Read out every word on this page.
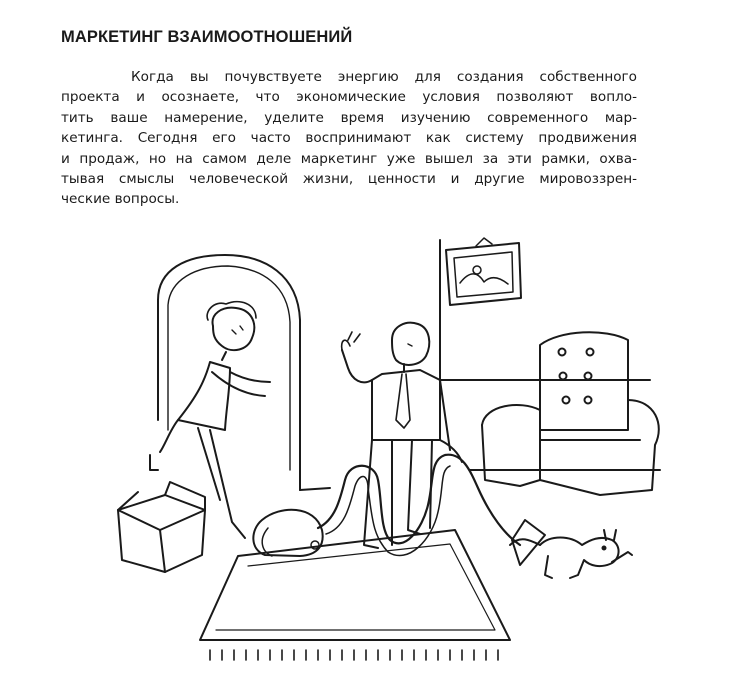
МАРКЕТИНГ ВЗАИМООТНОШЕНИЙ
Когда вы почувствуете энергию для создания собственного
проекта и осознаете, что экономические условия позволяют вопло-
тить ваше намерение, уделите время изучению современного мар-
кетинга. Сегодня его часто воспринимают как систему продвижения
и продаж, но на самом деле маркетинг уже вышел за эти рамки, охва-
тывая смыслы человеческой жизни, ценности и другие мировоззрен-
ческие вопросы.
